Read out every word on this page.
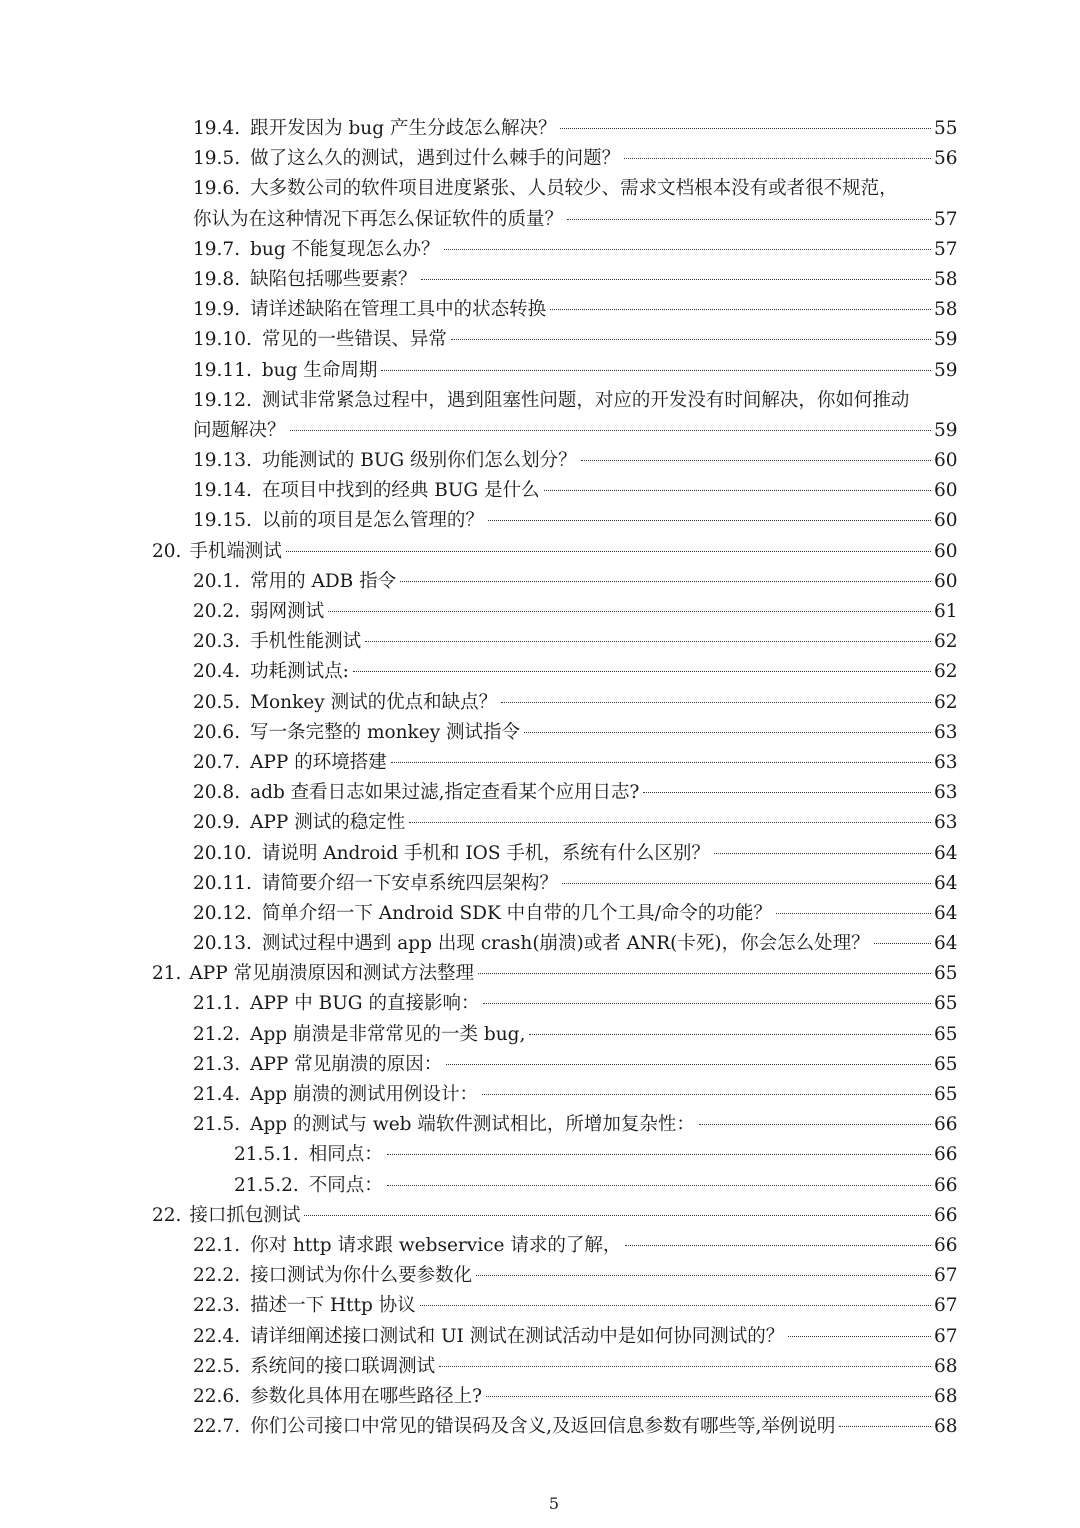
19.4. 跟开发因为 bug 产生分歧怎么解决？	55
19.5. 做了这么久的测试，遇到过什么棘手的问题？	56
19.6. 大多数公司的软件项目进度紧张、人员较少、需求文档根本没有或者很不规范，
你认为在这种情况下再怎么保证软件的质量？	57
19.7. bug 不能复现怎么办？	57
19.8. 缺陷包括哪些要素？	58
19.9. 请详述缺陷在管理工具中的状态转换	58
19.10. 常见的一些错误、异常	59
19.11. bug 生命周期	59
19.12. 测试非常紧急过程中，遇到阻塞性问题，对应的开发没有时间解决，你如何推动
问题解决？	59
19.13. 功能测试的 BUG 级别你们怎么划分？	60
19.14. 在项目中找到的经典 BUG 是什么	60
19.15. 以前的项目是怎么管理的？	60
20. 手机端测试	60
20.1. 常用的 ADB 指令	60
20.2. 弱网测试	61
20.3. 手机性能测试	62
20.4. 功耗测试点:	62
20.5. Monkey 测试的优点和缺点？	62
20.6. 写一条完整的 monkey 测试指令	63
20.7. APP 的环境搭建	63
20.8. adb 查看日志如果过滤,指定查看某个应用日志?	63
20.9. APP 测试的稳定性	63
20.10. 请说明 Android 手机和 IOS 手机，系统有什么区别？	64
20.11. 请简要介绍一下安卓系统四层架构？	64
20.12. 简单介绍一下 Android SDK 中自带的几个工具/命令的功能？	64
20.13. 测试过程中遇到 app 出现 crash(崩溃)或者 ANR(卡死)，你会怎么处理？	64
21. APP 常见崩溃原因和测试方法整理	65
21.1. APP 中 BUG 的直接影响：	65
21.2. App 崩溃是非常常见的一类 bug,	65
21.3. APP 常见崩溃的原因：	65
21.4. App 崩溃的测试用例设计：	65
21.5. App 的测试与 web 端软件测试相比，所增加复杂性：	66
21.5.1. 相同点：	66
21.5.2. 不同点：	66
22. 接口抓包测试	66
22.1. 你对 http 请求跟 webservice 请求的了解，	66
22.2. 接口测试为你什么要参数化	67
22.3. 描述一下 Http 协议	67
22.4. 请详细阐述接口测试和 UI 测试在测试活动中是如何协同测试的？	67
22.5. 系统间的接口联调测试	68
22.6. 参数化具体用在哪些路径上?	68
22.7. 你们公司接口中常见的错误码及含义,及返回信息参数有哪些等,举例说明	68
5
